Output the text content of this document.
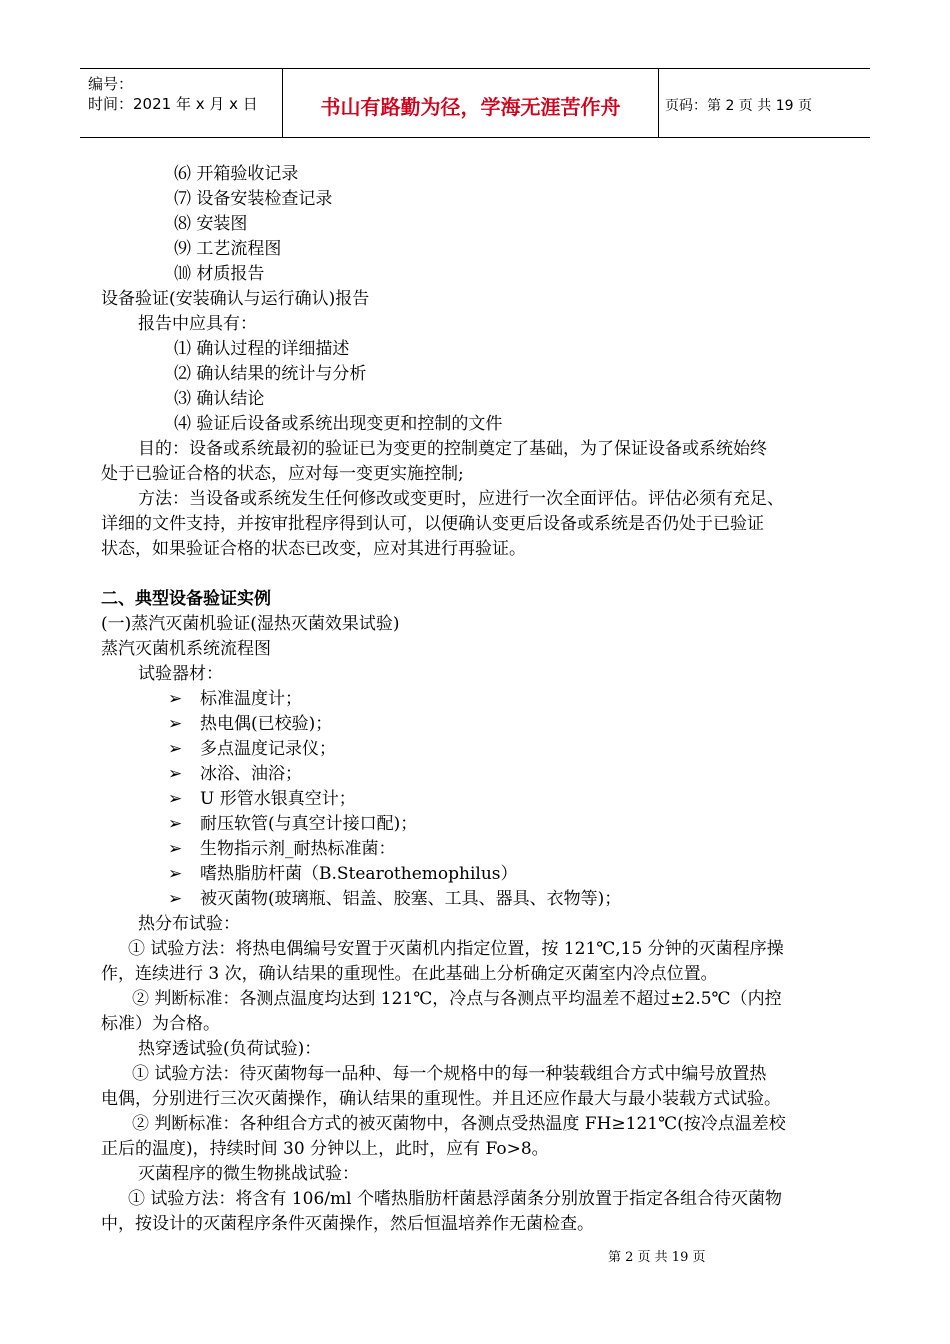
编号：
时间：2021 年 x 月 x 日	书山有路勤为径，学海无涯苦作舟	页码：第 2 页 共 19 页
⑹ 开箱验收记录
⑺ 设备安装检查记录
⑻ 安装图
⑼ 工艺流程图
⑽ 材质报告
设备验证(安装确认与运行确认)报告
报告中应具有：
⑴ 确认过程的详细描述
⑵ 确认结果的统计与分析
⑶ 确认结论
⑷ 验证后设备或系统出现变更和控制的文件
目的：设备或系统最初的验证已为变更的控制奠定了基础，为了保证设备或系统始终
处于已验证合格的状态，应对每一变更实施控制;
方法：当设备或系统发生任何修改或变更时，应进行一次全面评估。评估必须有充足、
详细的文件支持，并按审批程序得到认可，以便确认变更后设备或系统是否仍处于已验证
状态，如果验证合格的状态已改变，应对其进行再验证。
二、典型设备验证实例
(一)蒸汽灭菌机验证(湿热灭菌效果试验)
蒸汽灭菌机系统流程图
试验器材：
➢ 标准温度计；
➢ 热电偶(已校验)；
➢ 多点温度记录仪；
➢ 冰浴、油浴；
➢ U 形管水银真空计；
➢ 耐压软管(与真空计接口配)；
➢ 生物指示剂_耐热标准菌：
➢ 嗜热脂肪杆菌（B.Stearothemophilus）
➢ 被灭菌物(玻璃瓶、铝盖、胶塞、工具、器具、衣物等)；
热分布试验：
① 试验方法：将热电偶编号安置于灭菌机内指定位置，按 121℃,15 分钟的灭菌程序操
作，连续进行 3 次，确认结果的重现性。在此基础上分析确定灭菌室内冷点位置。
② 判断标准：各测点温度均达到 121℃，冷点与各测点平均温差不超过±2.5℃（内控
标准）为合格。
热穿透试验(负荷试验)：
① 试验方法：待灭菌物每一品种、每一个规格中的每一种装载组合方式中编号放置热
电偶，分别进行三次灭菌操作，确认结果的重现性。并且还应作最大与最小装载方式试验。
② 判断标准：各种组合方式的被灭菌物中，各测点受热温度 FH≥121℃(按冷点温差校
正后的温度)，持续时间 30 分钟以上，此时，应有 Fo>8。
灭菌程序的微生物挑战试验：
① 试验方法：将含有 106/ml 个嗜热脂肪杆菌悬浮菌条分别放置于指定各组合待灭菌物
中，按设计的灭菌程序条件灭菌操作，然后恒温培养作无菌检查。
第 2 页 共 19 页
